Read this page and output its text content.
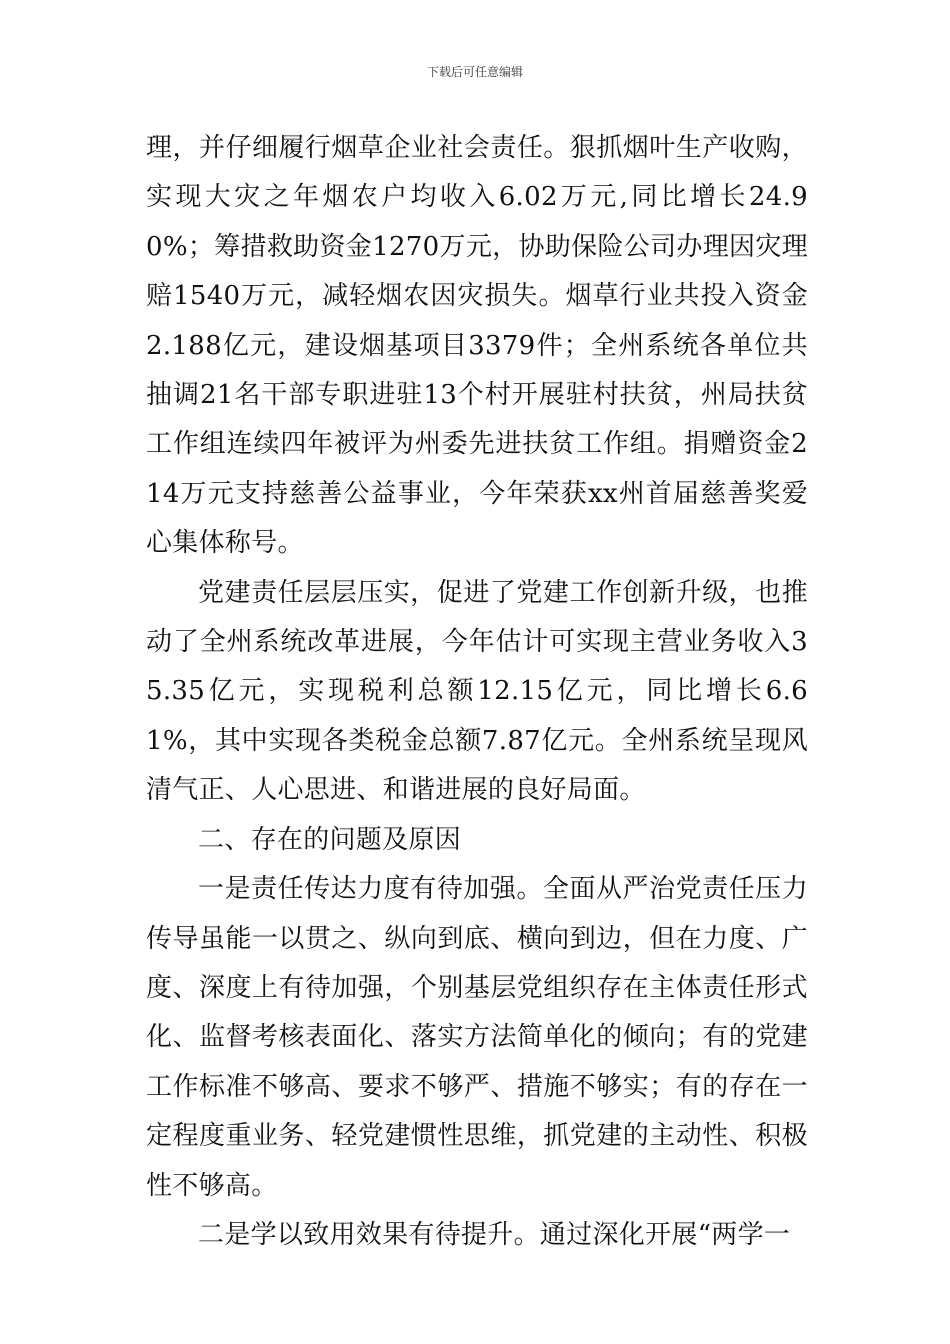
下载后可任意编辑

理，并仔细履行烟草企业社会责任。狠抓烟叶生产收购，实现大灾之年烟农户均收入6.02万元,同比增长24.90%；筹措救助资金1270万元，协助保险公司办理因灾理赔1540万元，减轻烟农因灾损失。烟草行业共投入资金2.188亿元，建设烟基项目3379件；全州系统各单位共抽调21名干部专职进驻13个村开展驻村扶贫，州局扶贫工作组连续四年被评为州委先进扶贫工作组。捐赠资金214万元支持慈善公益事业，今年荣获xx州首届慈善奖爱心集体称号。

党建责任层层压实，促进了党建工作创新升级，也推动了全州系统改革进展，今年估计可实现主营业务收入35.35亿元，实现税利总额12.15亿元，同比增长6.61%，其中实现各类税金总额7.87亿元。全州系统呈现风清气正、人心思进、和谐进展的良好局面。

二、存在的问题及原因

一是责任传达力度有待加强。全面从严治党责任压力传导虽能一以贯之、纵向到底、横向到边，但在力度、广度、深度上有待加强，个别基层党组织存在主体责任形式化、监督考核表面化、落实方法简单化的倾向；有的党建工作标准不够高、要求不够严、措施不够实；有的存在一定程度重业务、轻党建惯性思维，抓党建的主动性、积极性不够高。

二是学以致用效果有待提升。通过深化开展“两学一
